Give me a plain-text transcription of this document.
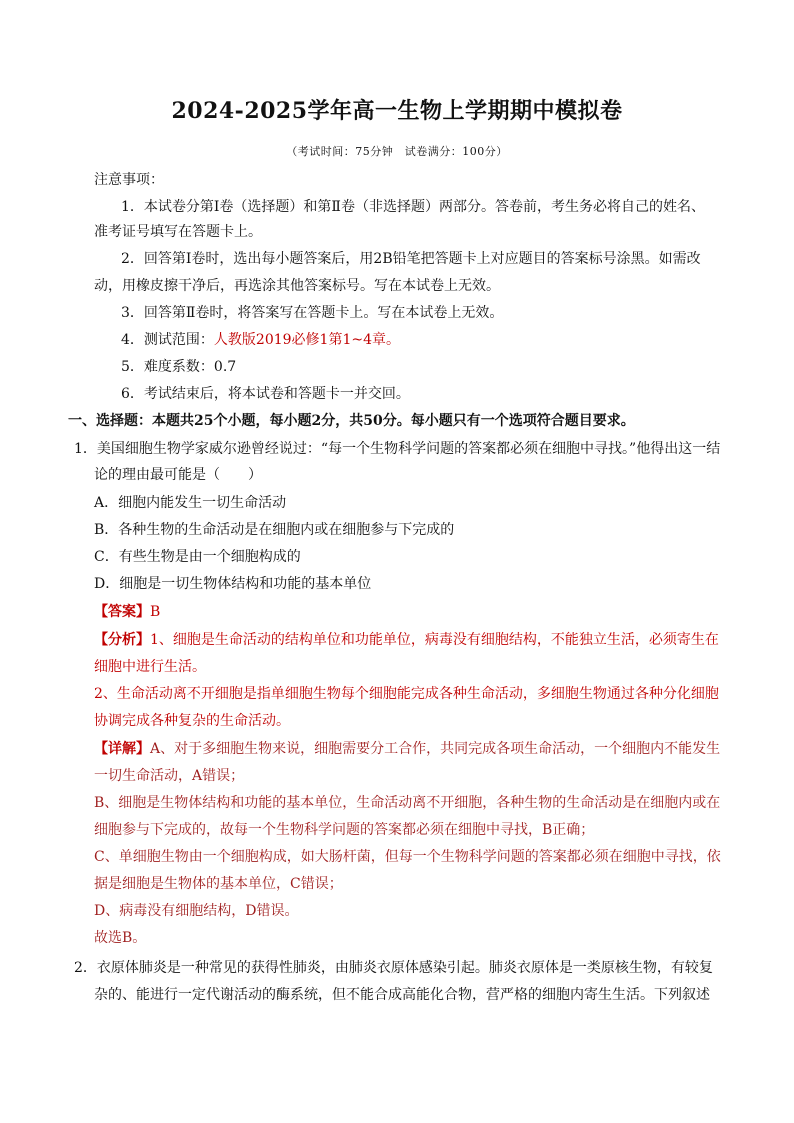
2024-2025学年高一生物上学期期中模拟卷
（考试时间：75分钟　试卷满分：100分）
注意事项：
1．本试卷分第Ⅰ卷（选择题）和第Ⅱ卷（非选择题）两部分。答卷前，考生务必将自己的姓名、
准考证号填写在答题卡上。
2．回答第Ⅰ卷时，选出每小题答案后，用2B铅笔把答题卡上对应题目的答案标号涂黑。如需改
动，用橡皮擦干净后，再选涂其他答案标号。写在本试卷上无效。
3．回答第Ⅱ卷时，将答案写在答题卡上。写在本试卷上无效。
4．测试范围：人教版2019必修1第1~4章。
5．难度系数：0.7
6．考试结束后，将本试卷和答题卡一并交回。
一、选择题：本题共25个小题，每小题2分，共50分。每小题只有一个选项符合题目要求。
1．美国细胞生物学家威尔逊曾经说过：“每一个生物科学问题的答案都必须在细胞中寻找。”他得出这一结
论的理由最可能是（　　）
A．细胞内能发生一切生命活动
B．各种生物的生命活动是在细胞内或在细胞参与下完成的
C．有些生物是由一个细胞构成的
D．细胞是一切生物体结构和功能的基本单位
【答案】B
【分析】1、细胞是生命活动的结构单位和功能单位，病毒没有细胞结构，不能独立生活，必须寄生在
细胞中进行生活。
2、生命活动离不开细胞是指单细胞生物每个细胞能完成各种生命活动，多细胞生物通过各种分化细胞
协调完成各种复杂的生命活动。
【详解】A、对于多细胞生物来说，细胞需要分工合作，共同完成各项生命活动，一个细胞内不能发生
一切生命活动，A错误；
B、细胞是生物体结构和功能的基本单位，生命活动离不开细胞，各种生物的生命活动是在细胞内或在
细胞参与下完成的，故每一个生物科学问题的答案都必须在细胞中寻找，B正确；
C、单细胞生物由一个细胞构成，如大肠杆菌，但每一个生物科学问题的答案都必须在细胞中寻找，依
据是细胞是生物体的基本单位，C错误；
D、病毒没有细胞结构，D错误。
故选B。
2．衣原体肺炎是一种常见的获得性肺炎，由肺炎衣原体感染引起。肺炎衣原体是一类原核生物，有较复
杂的、能进行一定代谢活动的酶系统，但不能合成高能化合物，营严格的细胞内寄生生活。下列叙述
